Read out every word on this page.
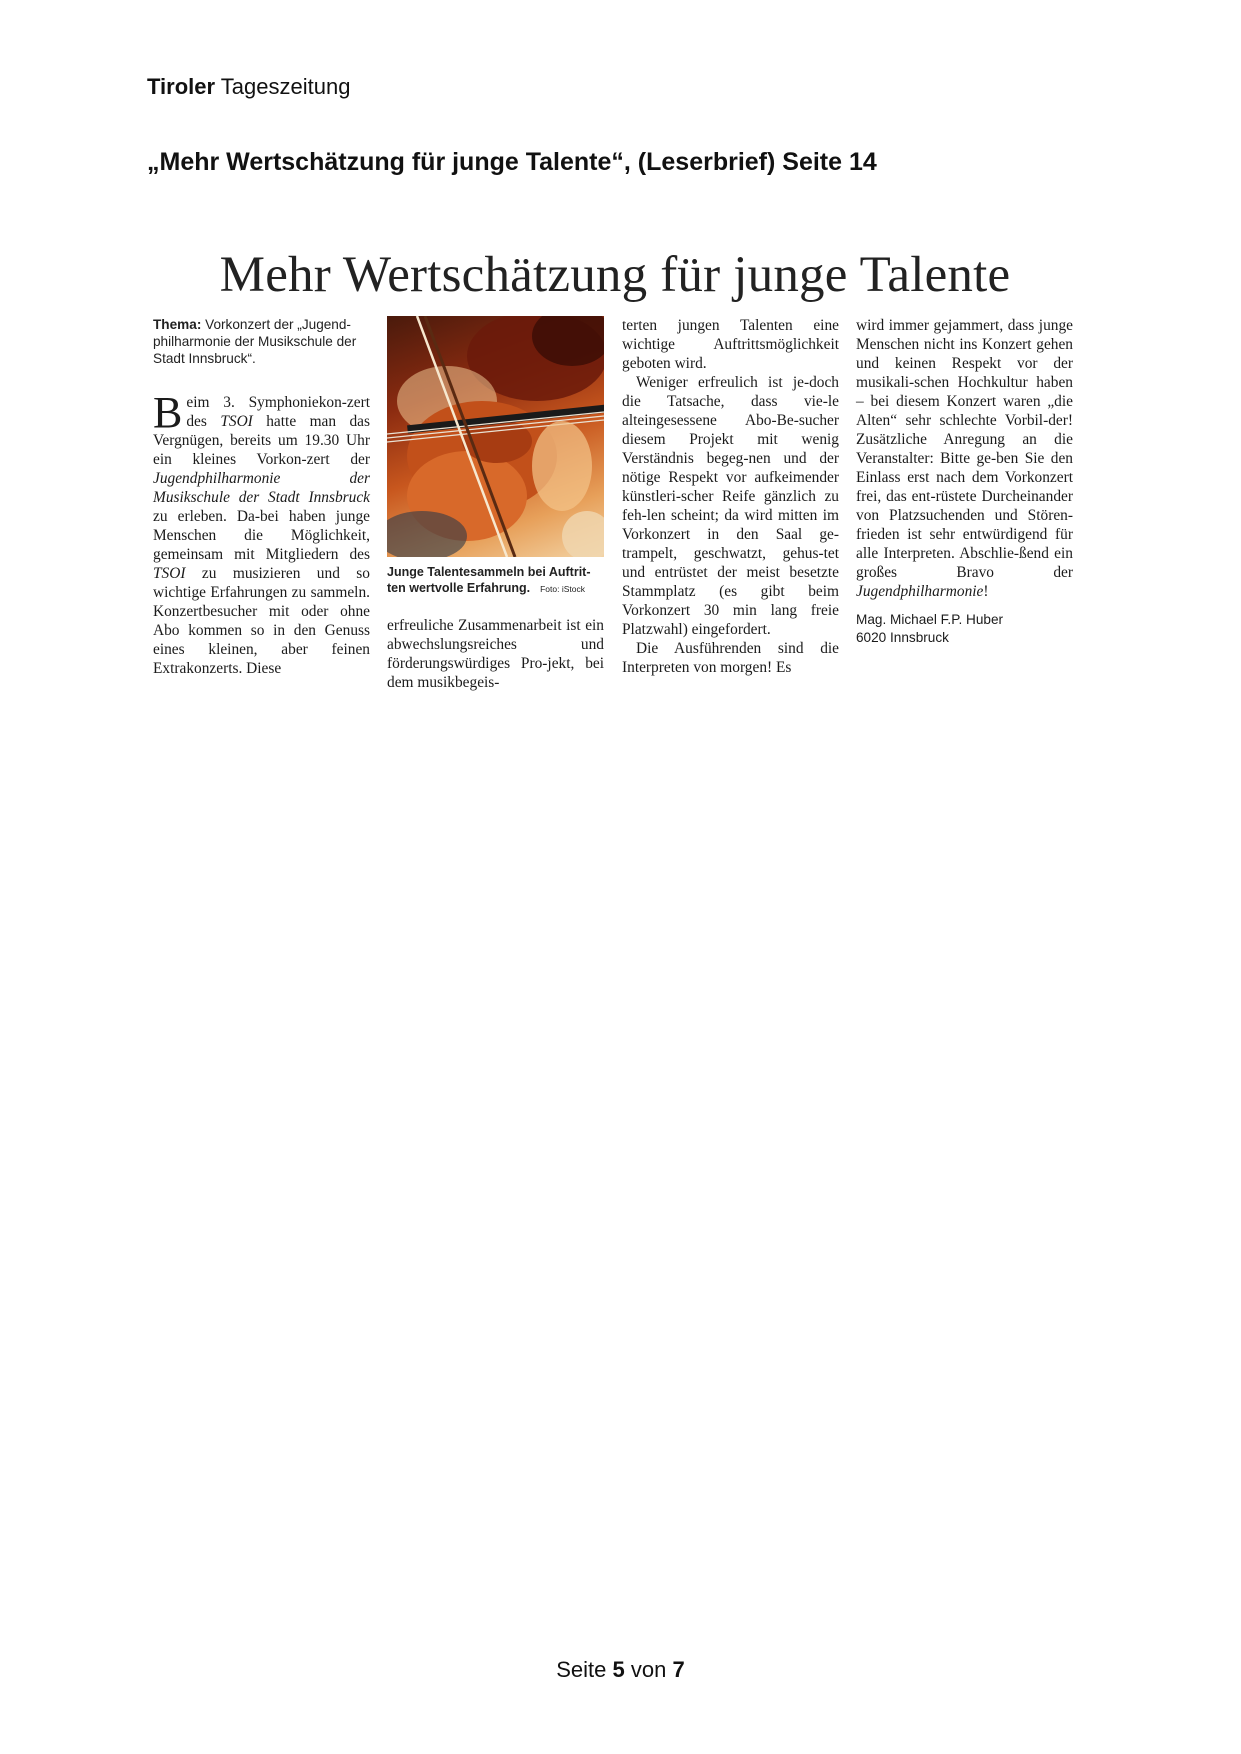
Tiroler Tageszeitung
„Mehr Wertschätzung für junge Talente“, (Leserbrief) Seite 14
Mehr Wertschätzung für junge Talente

Thema: Vorkonzert der „Jugend-philharmonie der Musikschule der Stadt Innsbruck“.

Beim 3. Symphoniekon-zert des TSOI hatte man das Vergnügen, bereits um 19.30 Uhr ein kleines Vorkon-zert der Jugendphilharmonie der Musikschule der Stadt Innsbruck zu erleben. Da-bei haben junge Menschen die Möglichkeit, gemeinsam mit Mitgliedern des TSOI zu musizieren und so wichtige Erfahrungen zu sammeln. Konzertbesucher mit oder ohne Abo kommen so in den Genuss eines kleinen, aber feinen Extrakonzerts. Diese

Junge Talentesammeln bei Auftrit-ten wertvolle Erfahrung. Foto: iStock

erfreuliche Zusammenarbeit ist ein abwechslungsreiches und förderungswürdiges Pro-jekt, bei dem musikbegeis-

terten jungen Talenten eine wichtige Auftrittsmöglichkeit geboten wird.

Weniger erfreulich ist je-doch die Tatsache, dass vie-le alteingesessene Abo-Be-sucher diesem Projekt mit wenig Verständnis begeg-nen und der nötige Respekt vor aufkeimender künstleri-scher Reife gänzlich zu feh-len scheint; da wird mitten im Vorkonzert in den Saal ge-trampelt, geschwatzt, gehus-tet und entrüstet der meist besetzte Stammplatz (es gibt beim Vorkonzert 30 min lang freie Platzwahl) eingefordert.

Die Ausführenden sind die Interpreten von morgen! Es

wird immer gejammert, dass junge Menschen nicht ins Konzert gehen und keinen Respekt vor der musikali-schen Hochkultur haben – bei diesem Konzert waren „die Alten“ sehr schlechte Vorbil-der! Zusätzliche Anregung an die Veranstalter: Bitte ge-ben Sie den Einlass erst nach dem Vorkonzert frei, das ent-rüstete Durcheinander von Platzsuchenden und Stören-frieden ist sehr entwürdigend für alle Interpreten. Abschlie-ßend ein großes Bravo der Jugendphilharmonie!

Mag. Michael F.P. Huber
6020 Innsbruck

Seite 5 von 7
